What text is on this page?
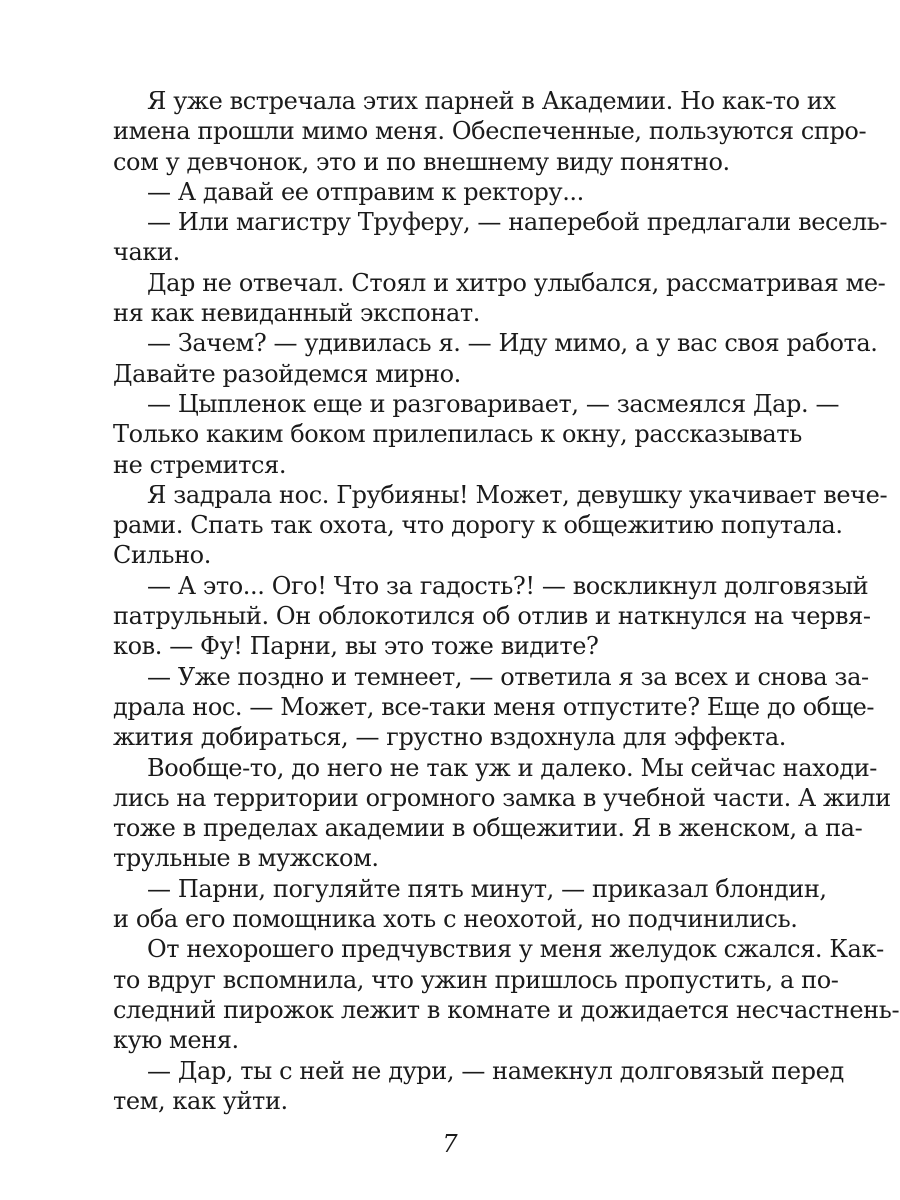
Я уже встречала этих парней в Академии. Но как-то их
имена прошли мимо меня. Обеспеченные, пользуются спро-
сом у девчонок, это и по внешнему виду понятно.
— А давай ее отправим к ректору...
— Или магистру Труферу, — наперебой предлагали весель-
чаки.
Дар не отвечал. Стоял и хитро улыбался, рассматривая ме-
ня как невиданный экспонат.
— Зачем? — удивилась я. — Иду мимо, а у вас своя работа.
Давайте разойдемся мирно.
— Цыпленок еще и разговаривает, — засмеялся Дар. —
Только каким боком прилепилась к окну, рассказывать
не стремится.
Я задрала нос. Грубияны! Может, девушку укачивает вече-
рами. Спать так охота, что дорогу к общежитию попутала.
Сильно.
— А это... Ого! Что за гадость?! — воскликнул долговязый
патрульный. Он облокотился об отлив и наткнулся на червя-
ков. — Фу! Парни, вы это тоже видите?
— Уже поздно и темнеет, — ответила я за всех и снова за-
драла нос. — Может, все-таки меня отпустите? Еще до обще-
жития добираться, — грустно вздохнула для эффекта.
Вообще-то, до него не так уж и далеко. Мы сейчас находи-
лись на территории огромного замка в учебной части. А жили
тоже в пределах академии в общежитии. Я в женском, а па-
трульные в мужском.
— Парни, погуляйте пять минут, — приказал блондин,
и оба его помощника хоть с неохотой, но подчинились.
От нехорошего предчувствия у меня желудок сжался. Как-
то вдруг вспомнила, что ужин пришлось пропустить, а по-
следний пирожок лежит в комнате и дожидается несчастнень-
кую меня.
— Дар, ты с ней не дури, — намекнул долговязый перед
тем, как уйти.
7
